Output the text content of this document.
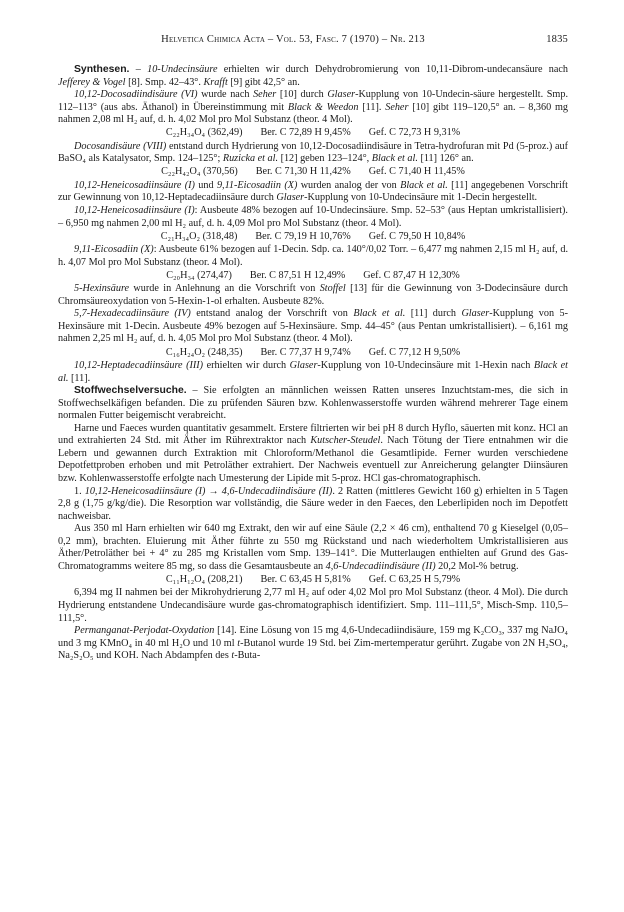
Helvetica Chimica Acta – Vol. 53, Fasc. 7 (1970) – Nr. 213	1835

Synthesen. – 10-Undecinsäure erhielten wir durch Dehydrobromierung von 10,11-Dibrom-undecansäure nach Jefferey & Vogel [8]. Smp. 42–43°. Krafft [9] gibt 42,5° an.

10,12-Docosadiindisäure (VI) wurde nach Seher [10] durch Glaser-Kupplung von 10-Undecin-säure hergestellt. Smp. 112–113° (aus abs. Äthanol) in Übereinstimmung mit Black & Weedon [11]. Seher [10] gibt 119–120,5° an. – 8,360 mg nahmen 2,08 ml H₂ auf, d. h. 4,02 Mol pro Mol Substanz (theor. 4 Mol).

C₂₂H₃₄O₄ (362,49) Ber. C 72,89 H 9,45% Gef. C 72,73 H 9,31%

Docosandisäure (VIII) entstand durch Hydrierung von 10,12-Docosadiindisäure in Tetra-hydrofuran mit Pd (5-proz.) auf BaSO₄ als Katalysator, Smp. 124–125°; Ruzicka et al. [12] geben 123–124°, Black et al. [11] 126° an.

C₂₂H₄₂O₄ (370,56) Ber. C 71,30 H 11,42% Gef. C 71,40 H 11,45%

10,12-Heneicosadiinsäure (I) und 9,11-Eicosadiin (X) wurden analog der von Black et al. [11] angegebenen Vorschrift zur Gewinnung von 10,12-Heptadecadiinsäure durch Glaser-Kupplung von 10-Undecinsäure mit 1-Decin hergestellt.

10,12-Heneicosadiinsäure (I): Ausbeute 48% bezogen auf 10-Undecinsäure. Smp. 52–53° (aus Heptan umkristallisiert). – 6,950 mg nahmen 2,00 ml H₂ auf, d. h. 4,09 Mol pro Mol Substanz (theor. 4 Mol).

C₂₁H₃₄O₂ (318,48) Ber. C 79,19 H 10,76% Gef. C 79,50 H 10,84%

9,11-Eicosadiin (X): Ausbeute 61% bezogen auf 1-Decin. Sdp. ca. 140°/0,02 Torr. – 6,477 mg nahmen 2,15 ml H₂ auf, d. h. 4,07 Mol pro Mol Substanz (theor. 4 Mol).

C₂₀H₃₄ (274,47) Ber. C 87,51 H 12,49% Gef. C 87,47 H 12,30%

5-Hexinsäure wurde in Anlehnung an die Vorschrift von Stoffel [13] für die Gewinnung von 3-Dodecinsäure durch Chromsäureoxydation von 5-Hexin-1-ol erhalten. Ausbeute 82%.

5,7-Hexadecadiinsäure (IV) entstand analog der Vorschrift von Black et al. [11] durch Glaser-Kupplung von 5-Hexinsäure mit 1-Decin. Ausbeute 49% bezogen auf 5-Hexinsäure. Smp. 44–45° (aus Pentan umkristallisiert). – 6,161 mg nahmen 2,25 ml H₂ auf, d. h. 4,05 Mol pro Mol Substanz (theor. 4 Mol).

C₁₆H₂₄O₂ (248,35) Ber. C 77,37 H 9,74% Gef. C 77,12 H 9,50%

10,12-Heptadecadiinsäure (III) erhielten wir durch Glaser-Kupplung von 10-Undecinsäure mit 1-Hexin nach Black et al. [11].

Stoffwechselversuche. – Sie erfolgten an männlichen weissen Ratten unseres Inzuchtstam-mes, die sich in Stoffwechselkäfigen befanden. Die zu prüfenden Säuren bzw. Kohlenwasserstoffe wurden während mehrerer Tage einem normalen Futter beigemischt verabreicht.

Harne und Faeces wurden quantitativ gesammelt. Erstere filtrierten wir bei pH 8 durch Hyflo, säuerten mit konz. HCl an und extrahierten 24 Std. mit Äther im Rührextraktor nach Kutscher-Steudel. Nach Tötung der Tiere entnahmen wir die Lebern und gewannen durch Extraktion mit Chloroform/Methanol die Gesamtlipide. Ferner wurden verschiedene Depotfettproben erhoben und mit Petroläther extrahiert. Der Nachweis eventuell zur Anreicherung gelangter Diinsäuren bzw. Kohlenwasserstoffe erfolgte nach Umesterung der Lipide mit 5-proz. HCl gas-chromatographisch.

1. 10,12-Heneicosadiinsäure (I) → 4,6-Undecadiindisäure (II). 2 Ratten (mittleres Gewicht 160 g) erhielten in 5 Tagen 2,8 g (1,75 g/kg/die). Die Resorption war vollständig, die Säure weder in den Faeces, den Leberlipiden noch im Depotfett nachweisbar.

Aus 350 ml Harn erhielten wir 640 mg Extrakt, den wir auf eine Säule (2,2 × 46 cm), enthaltend 70 g Kieselgel (0,05–0,2 mm), brachten. Eluierung mit Äther führte zu 550 mg Rückstand und nach wiederholtem Umkristallisieren aus Äther/Petroläther bei + 4° zu 285 mg Kristallen vom Smp. 139–141°. Die Mutterlaugen enthielten auf Grund des Gas-Chromatogramms weitere 85 mg, so dass die Gesamtausbeute an 4,6-Undecadiindisäure (II) 20,2 Mol-% betrug.

C₁₁H₁₂O₄ (208,21) Ber. C 63,45 H 5,81% Gef. C 63,25 H 5,79%

6,394 mg II nahmen bei der Mikrohydrierung 2,77 ml H₂ auf oder 4,02 Mol pro Mol Substanz (theor. 4 Mol). Die durch Hydrierung entstandene Undecandisäure wurde gas-chromatographisch identifiziert. Smp. 111–111,5°, Misch-Smp. 110,5–111,5°.

Permanganat-Perjodat-Oxydation [14]. Eine Lösung von 15 mg 4,6-Undecadiindisäure, 159 mg K₂CO₃, 337 mg NaJO₄ und 3 mg KMnO₄ in 40 ml H₂O und 10 ml t-Butanol wurde 19 Std. bei Zim-mertemperatur gerührt. Zugabe von 2N H₂SO₄, Na₂S₂O₅ und KOH. Nach Abdampfen des t-Buta-
